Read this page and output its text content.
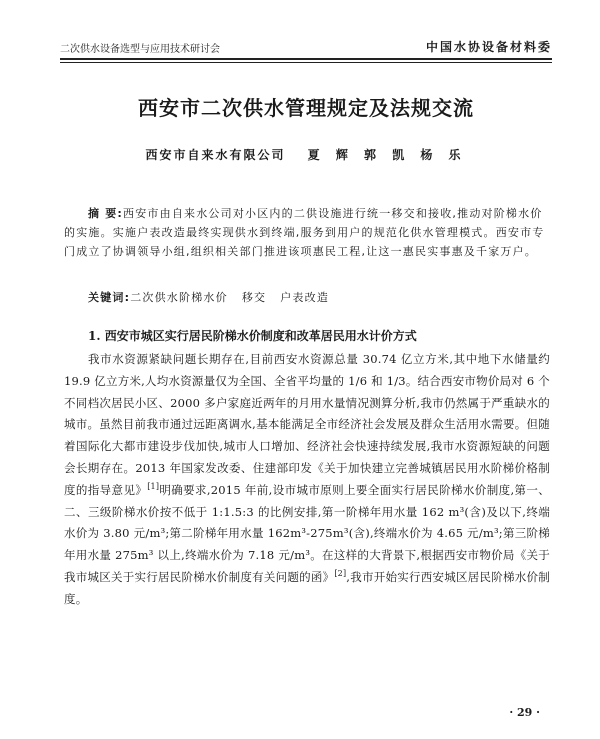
二次供水设备选型与应用技术研讨会	中国水协设备材料委
西安市二次供水管理规定及法规交流
西安市自来水有限公司 夏 辉 郭 凯 杨 乐
摘 要:西安市由自来水公司对小区内的二供设施进行统一移交和接收,推动对阶梯水价的实施。实施户表改造最终实现供水到终端,服务到用户的规范化供水管理模式。西安市专门成立了协调领导小组,组织相关部门推进该项惠民工程,让这一惠民实事惠及千家万户。
关键词:二次供水阶梯水价 移交 户表改造
1. 西安市城区实行居民阶梯水价制度和改革居民用水计价方式
我市水资源紧缺问题长期存在,目前西安水资源总量 30.74 亿立方米,其中地下水储量约 19.9 亿立方米,人均水资源量仅为全国、全省平均量的 1/6 和 1/3。结合西安市物价局对 6 个不同档次居民小区、2000 多户家庭近两年的月用水量情况测算分析,我市仍然属于严重缺水的城市。虽然目前我市通过远距离调水,基本能满足全市经济社会发展及群众生活用水需要。但随着国际化大都市建设步伐加快,城市人口增加、经济社会快速持续发展,我市水资源短缺的问题会长期存在。2013 年国家发改委、住建部印发《关于加快建立完善城镇居民用水阶梯价格制度的指导意见》[1]明确要求,2015 年前,设市城市原则上要全面实行居民阶梯水价制度,第一、二、三级阶梯水价按不低于 1:1.5:3 的比例安排,第一阶梯年用水量 162 m³(含)及以下,终端水价为 3.80 元/m³;第二阶梯年用水量 162m³-275m³(含),终端水价为 4.65 元/m³;第三阶梯年用水量 275m³ 以上,终端水价为 7.18 元/m³。在这样的大背景下,根据西安市物价局《关于我市城区关于实行居民阶梯水价制度有关问题的函》[2],我市开始实行西安城区居民阶梯水价制度。
· 29 ·
